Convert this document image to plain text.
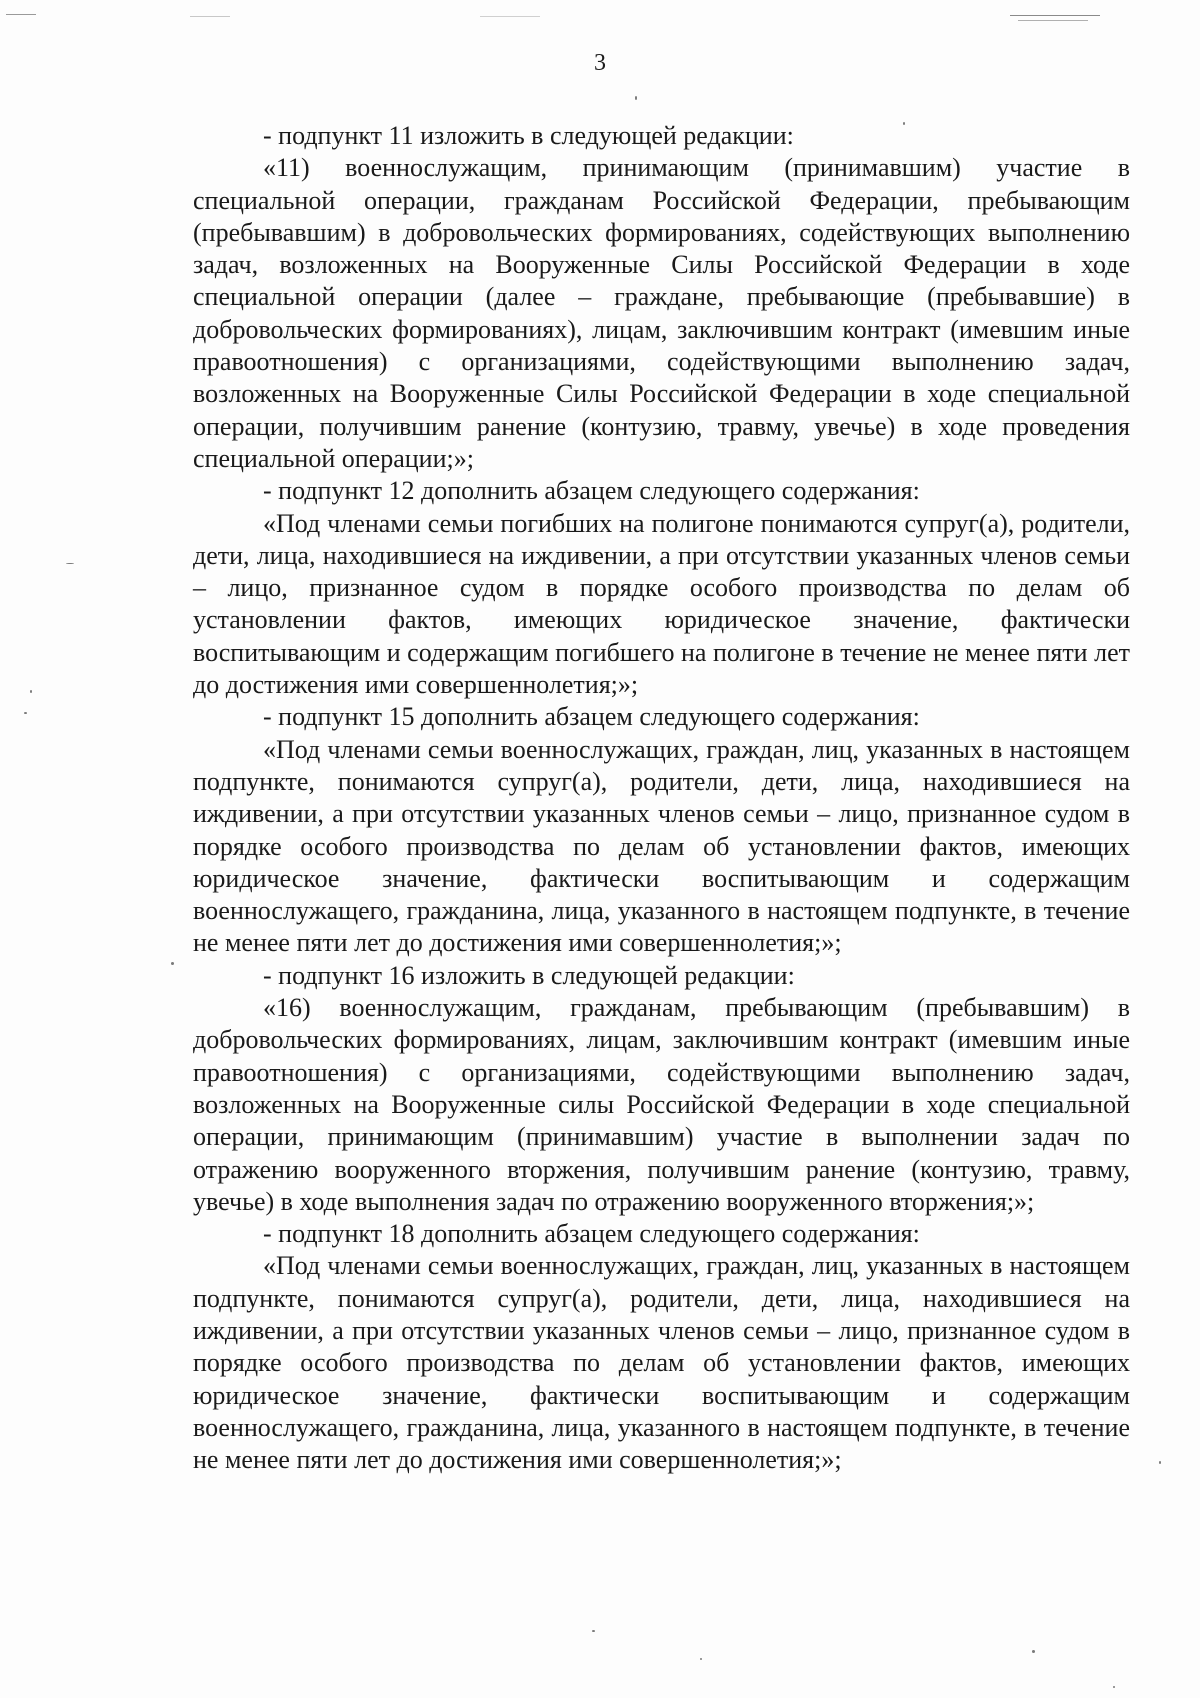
3

- подпункт 11 изложить в следующей редакции:

«11) военнослужащим, принимающим (принимавшим) участие в специальной операции, гражданам Российской Федерации, пребывающим (пребывавшим) в добровольческих формированиях, содействующих выполнению задач, возложенных на Вооруженные Силы Российской Федерации в ходе специальной операции (далее – граждане, пребывающие (пребывавшие) в добровольческих формированиях), лицам, заключившим контракт (имевшим иные правоотношения) с организациями, содействующими выполнению задач, возложенных на Вооруженные Силы Российской Федерации в ходе специальной операции, получившим ранение (контузию, травму, увечье) в ходе проведения специальной операции;»;

- подпункт 12 дополнить абзацем следующего содержания:

«Под членами семьи погибших на полигоне понимаются супруг(а), родители, дети, лица, находившиеся на иждивении, а при отсутствии указанных членов семьи – лицо, признанное судом в порядке особого производства по делам об установлении фактов, имеющих юридическое значение, фактически воспитывающим и содержащим погибшего на полигоне в течение не менее пяти лет до достижения ими совершеннолетия;»;

- подпункт 15 дополнить абзацем следующего содержания:

«Под членами семьи военнослужащих, граждан, лиц, указанных в настоящем подпункте, понимаются супруг(а), родители, дети, лица, находившиеся на иждивении, а при отсутствии указанных членов семьи – лицо, признанное судом в порядке особого производства по делам об установлении фактов, имеющих юридическое значение, фактически воспитывающим и содержащим военнослужащего, гражданина, лица, указанного в настоящем подпункте, в течение не менее пяти лет до достижения ими совершеннолетия;»;

- подпункт 16 изложить в следующей редакции:

«16) военнослужащим, гражданам, пребывающим (пребывавшим) в добровольческих формированиях, лицам, заключившим контракт (имевшим иные правоотношения) с организациями, содействующими выполнению задач, возложенных на Вооруженные силы Российской Федерации в ходе специальной операции, принимающим (принимавшим) участие в выполнении задач по отражению вооруженного вторжения, получившим ранение (контузию, травму, увечье) в ходе выполнения задач по отражению вооруженного вторжения;»;

- подпункт 18 дополнить абзацем следующего содержания:

«Под членами семьи военнослужащих, граждан, лиц, указанных в настоящем подпункте, понимаются супруг(а), родители, дети, лица, находившиеся на иждивении, а при отсутствии указанных членов семьи – лицо, признанное судом в порядке особого производства по делам об установлении фактов, имеющих юридическое значение, фактически воспитывающим и содержащим военнослужащего, гражданина, лица, указанного в настоящем подпункте, в течение не менее пяти лет до достижения ими совершеннолетия;»;
